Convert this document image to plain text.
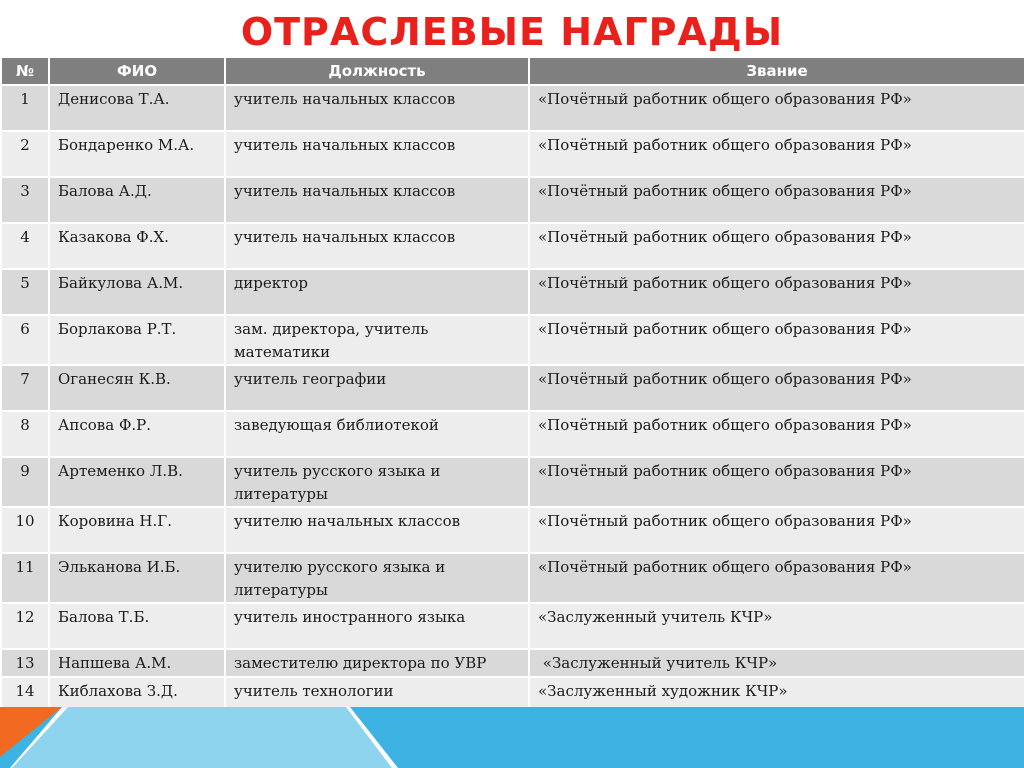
ОТРАСЛЕВЫЕ НАГРАДЫ
№	ФИО	Должность	Звание
1	Денисова Т.А.	учитель начальных классов	«Почётный работник общего образования РФ»
2	Бондаренко М.А.	учитель начальных классов	«Почётный работник общего образования РФ»
3	Балова А.Д.	учитель начальных классов	«Почётный работник общего образования РФ»
4	Казакова Ф.Х.	учитель начальных классов	«Почётный работник общего образования РФ»
5	Байкулова А.М.	директор	«Почётный работник общего образования РФ»
6	Борлакова Р.Т.	зам. директора, учитель математики	«Почётный работник общего образования РФ»
7	Оганесян К.В.	учитель географии	«Почётный работник общего образования РФ»
8	Апсова Ф.Р.	заведующая библиотекой	«Почётный работник общего образования РФ»
9	Артеменко Л.В.	учитель русского языка и литературы	«Почётный работник общего образования РФ»
10	Коровина Н.Г.	учителю начальных классов	«Почётный работник общего образования РФ»
11	Элькановa И.Б.	учителю русского языка и литературы	«Почётный работник общего образования РФ»
12	Балова Т.Б.	учитель иностранного языка	«Заслуженный учитель КЧР»
13	Напшева А.М.	заместителю директора по УВР	«Заслуженный учитель КЧР»
14	Киблахова З.Д.	учитель технологии	«Заслуженный художник КЧР»
